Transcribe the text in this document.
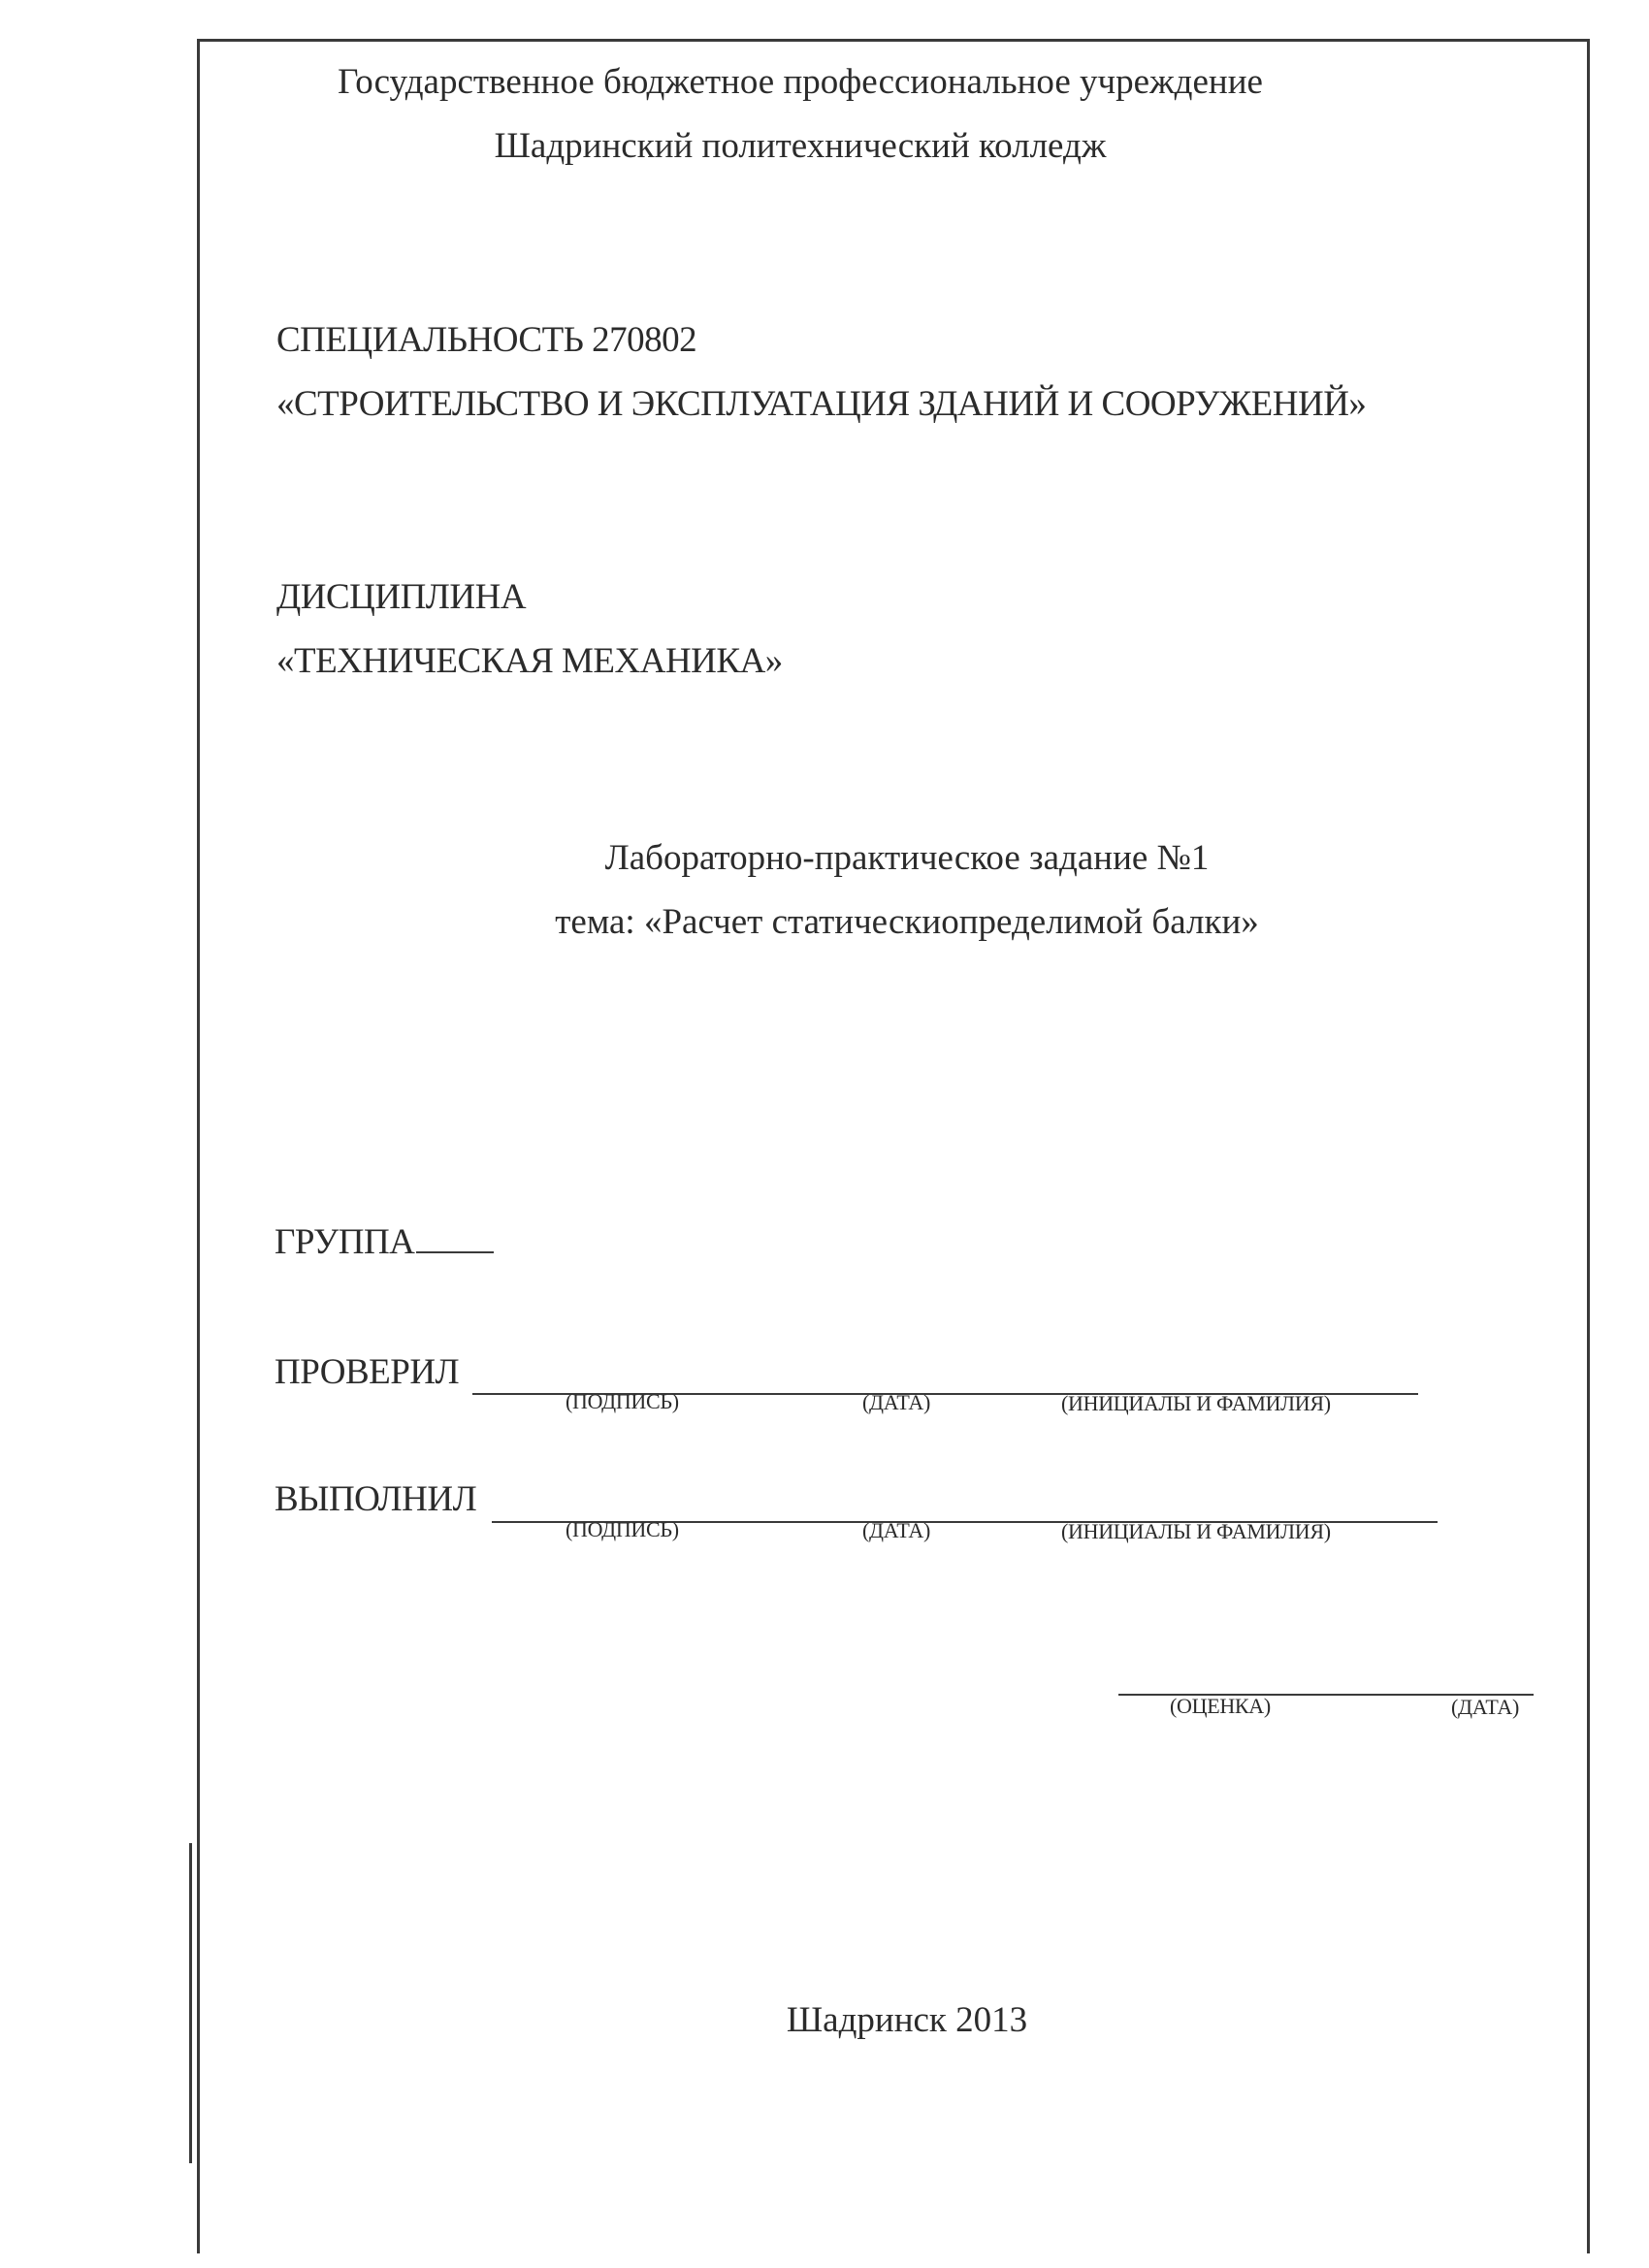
Государственное бюджетное профессиональное учреждение
Шадринский политехнический колледж
СПЕЦИАЛЬНОСТЬ 270802
«СТРОИТЕЛЬСТВО И ЭКСПЛУАТАЦИЯ ЗДАНИЙ И СООРУЖЕНИЙ»
ДИСЦИПЛИНА
«ТЕХНИЧЕСКАЯ МЕХАНИКА»
Лабораторно-практическое задание №1
тема: «Расчет статическиопределимой балки»
ГРУППА
ПРОВЕРИЛ
(ПОДПИСЬ)	(ДАТА)	(ИНИЦИАЛЫ И ФАМИЛИЯ)
ВЫПОЛНИЛ
(ПОДПИСЬ)	(ДАТА)	(ИНИЦИАЛЫ И ФАМИЛИЯ)
(ОЦЕНКА)	(ДАТА)
Шадринск 2013
